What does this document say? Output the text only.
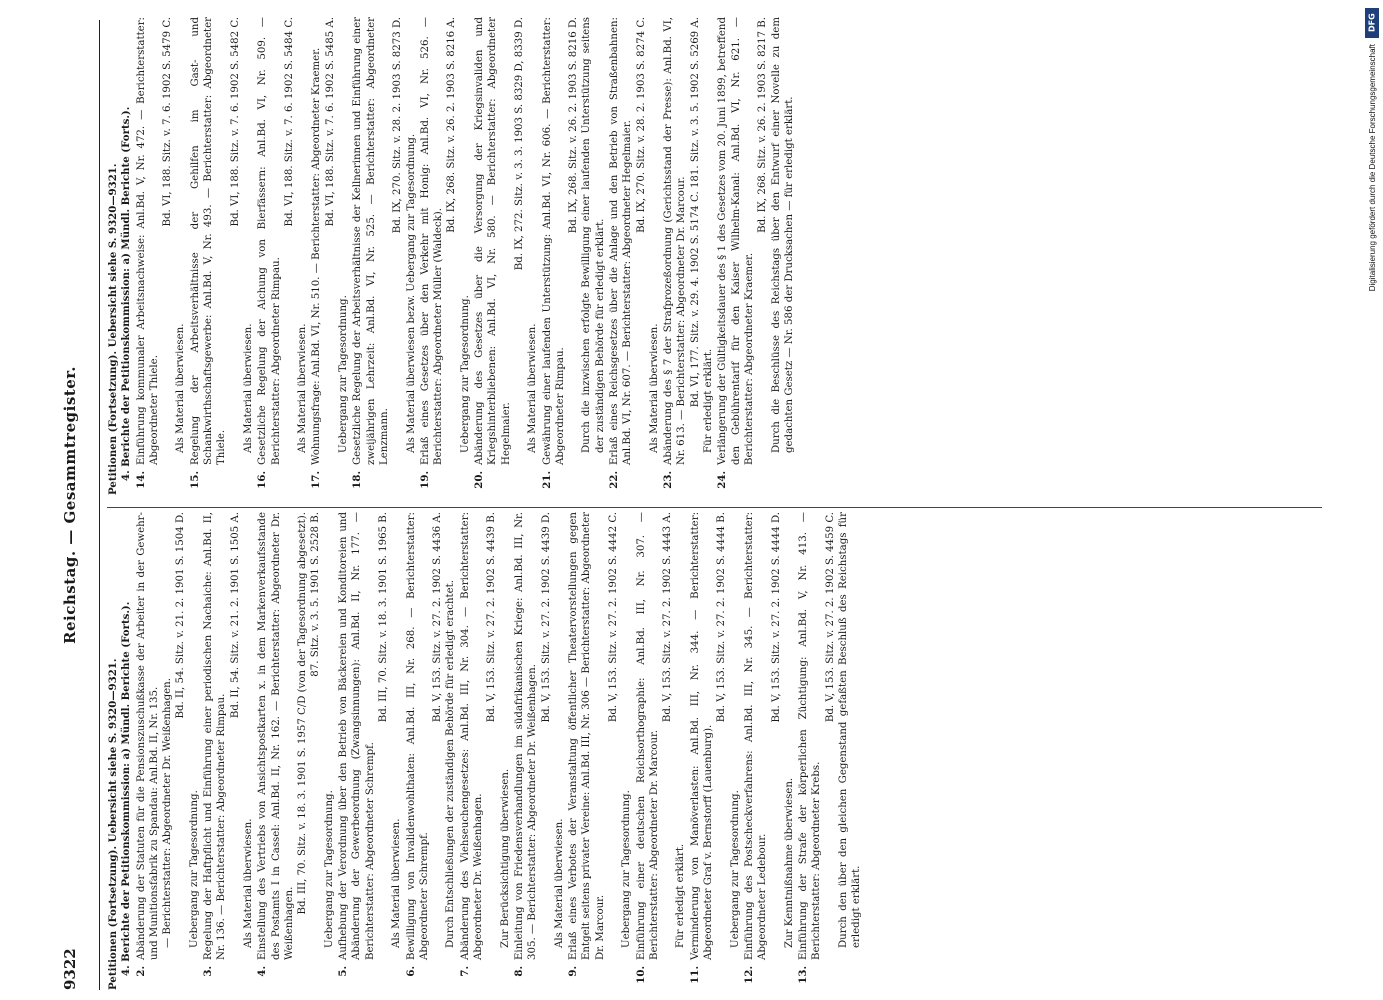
9322
Reichstag. — Gesammtregister.
Petitionen (Fortsetzung). Uebersicht siehe S. 9320—9321. 4. Berichte der Petitionskommission: a) Mündl. Berichte (Forts.). 2.
Abänderung der Statuten für die Pensionszuschußkasse der Arbeiter in der Gewehr- und Munitionsfabrik zu Spandau: Anl.Bd. II, Nr. 135. — Berichterstatter: Abgeordneter Dr. Weißenhagen.
Bd. II, 54. Sitz. v. 21. 2. 1901 S. 1504 D.
Uebergang zur Tagesordnung.
3.
Regelung der Haftpflicht und Einführung einer periodischen Nachaiche: Anl.Bd. II, Nr. 136. — Berichterstatter: Abgeordneter Rimpau.
Bd. II, 54. Sitz. v. 21. 2. 1901 S. 1505 A.
Als Material überwiesen.
4.
Einstellung des Vertriebs von Ansichtspostkarten x. in dem Markenverkaufsstande des Postamts I in Cassel: Anl.Bd. II, Nr. 162. — Berichterstatter: Abgeordneter Dr. Weißenhagen.
Bd. III, 70. Sitz. v. 18. 3. 1901 S. 1957 C/D (von der Tagesordnung abgesetzt). 87. Sitz. v. 3. 5. 1901 S. 2528 B.
Uebergang zur Tagesordnung.
5.
Aufhebung der Verordnung über den Betrieb von Bäckereien und Konditoreien und Abänderung der Gewerbeordnung (Zwangsinnungen): Anl.Bd. II, Nr. 177. — Berichterstatter: Abgeordneter Schrempf.
Bd. III, 70. Sitz. v. 18. 3. 1901 S. 1965 B.
Als Material überwiesen.
6.
Bewilligung von Invalidenwohlthaten: Anl.Bd. III, Nr. 268. — Berichterstatter: Abgeordneter Schrempf.
Bd. V, 153. Sitz. v. 27. 2. 1902 S. 4436 A. Durch Entschließungen der zuständigen Behörde für erledigt erachtet.
7.
Abänderung des Viehseuchengesetzes: Anl.Bd. III, Nr. 304. — Berichterstatter: Abgeordneter Dr. Weißenhagen.
Bd. V, 153. Sitz. v. 27. 2. 1902 S. 4439 B.
Zur Berücksichtigung überwiesen.
8.
Einleitung von Friedensverhandlungen im südafrikanischen Kriege: Anl.Bd. III, Nr. 305. — Berichterstatter: Abgeordneter Dr. Weißenhagen.
Bd. V, 153. Sitz. v. 27. 2. 1902 S. 4439 D.
Als Material überwiesen.
9.
Erlaß eines Verbotes der Veranstaltung öffentlicher Theatervorstellungen gegen Entgelt seitens privater Vereine: Anl.Bd. III, Nr. 306 — Berichterstatter: Abgeordneter Dr. Marcour.
Bd. V, 153. Sitz. v. 27. 2. 1902 S. 4442 C.
Uebergang zur Tagesordnung.
10.
Einführung einer deutschen Reichsorthographie: Anl.Bd. III, Nr. 307. — Berichterstatter: Abgeordneter Dr. Marcour.
Bd. V, 153. Sitz. v. 27. 2. 1902 S. 4443 A.
Für erledigt erklärt.
11.
Verminderung von Manöverlasten: Anl.Bd. III, Nr. 344. — Berichterstatter: Abgeordneter Graf v. Bernstorff (Lauenburg).
Bd. V, 153. Sitz. v. 27. 2. 1902 S. 4444 B.
Uebergang zur Tagesordnung.
12.
Einführung des Postscheckverfahrens: Anl.Bd. III, Nr. 345. — Berichterstatter: Abgeordneter Ledebour.
Bd. V, 153. Sitz. v. 27. 2. 1902 S. 4444 D.
Zur Kenntnißnahme überwiesen.
13.
Einführung der Strafe der körperlichen Züchtigung: Anl.Bd. V, Nr. 413. — Berichterstatter: Abgeordneter Krebs.
Bd. V, 153. Sitz. v. 27. 2. 1902 S. 4459 C. Durch den über den gleichen Gegenstand gefaßten Beschluß des Reichstags für erledigt erklärt.
Petitionen (Fortsetzung). Uebersicht siehe S. 9320—9321. 4. Berichte der Petitionskommission: a) Mündl. Berichte (Forts.). 14.
Einführung kommunaler Arbeitsnachweise: Anl.Bd. V, Nr. 472. — Berichterstatter: Abgeordneter Thiele.
Bd. VI, 188. Sitz. v. 7. 6. 1902 S. 5479 C.
Als Material überwiesen.
15.
Regelung der Arbeitsverhältnisse der Gehilfen im Gast- und Schankwirthschaftsgewerbe: Anl.Bd. V, Nr. 493. — Berichterstatter: Abgeordneter Thiele.
Bd. VI, 188. Sitz. v. 7. 6. 1902 S. 5482 C.
Als Material überwiesen.
16.
Gesetzliche Regelung der Aichung von Bierfässern: Anl.Bd. VI, Nr. 509. — Berichterstatter: Abgeordneter Rimpau.
Bd. VI, 188. Sitz. v. 7. 6. 1902 S. 5484 C.
Als Material überwiesen.
17.
Wohnungsfrage: Anl.Bd. VI, Nr. 510. — Berichterstatter: Abgeordneter Kraemer. Bd. VI, 188. Sitz. v. 7. 6. 1902 S. 5485 A.
Uebergang zur Tagesordnung.
18.
Gesetzliche Regelung der Arbeitsverhältnisse der Kellnerinnen und Einführung einer zweijährigen Lehrzeit: Anl.Bd. VI, Nr. 525. — Berichterstatter: Abgeordneter Lenzmann.
Bd. IX, 270. Sitz. v. 28. 2. 1903 S. 8273 D.
Als Material überwiesen bezw. Uebergang zur Tagesordnung.
19.
Erlaß eines Gesetzes über den Verkehr mit Honig: Anl.Bd. VI, Nr. 526. — Berichterstatter: Abgeordneter Müller (Waldeck).
Bd. IX, 268. Sitz. v. 26. 2. 1903 S. 8216 A.
Uebergang zur Tagesordnung.
20.
Abänderung des Gesetzes über die Versorgung der Kriegsinvaliden und Kriegshinterbliebenen: Anl.Bd. VI, Nr. 580. — Berichterstatter: Abgeordneter Hegelmaier.
Bd. IX, 272. Sitz. v. 3. 3. 1903 S. 8329 D, 8339 D.
Als Material überwiesen.
21.
Gewährung einer laufenden Unterstützung: Anl.Bd. VI, Nr. 606. — Berichterstatter: Abgeordneter Rimpau.
Bd. IX, 268. Sitz. v. 26. 2. 1903 S. 8216 D. Durch die inzwischen erfolgte Bewilligung einer laufenden Unterstützung seitens der zuständigen Behörde für erledigt erklärt.
22.
Erlaß eines Reichsgesetzes über die Anlage und den Betrieb von Straßenbahnen: Anl.Bd. VI, Nr. 607. — Berichterstatter: Abgeordneter Hegelmaier. Bd. IX, 270. Sitz. v. 28. 2. 1903 S. 8274 C.
Als Material überwiesen.
23.
Abänderung des § 7 der Strafprozeßordnung (Gerichtsstand der Presse): Anl.Bd. VI, Nr. 613. — Berichterstatter: Abgeordneter Dr. Marcour. Bd. VI, 177. Sitz. v. 29. 4. 1902 S. 5174 C. 181. Sitz. v. 3. 5. 1902 S. 5269 A. Für erledigt erklärt.
24.
Verlängerung der Gültigkeitsdauer des § 1 des Gesetzes vom 20. Juni 1899, betreffend den Gebührentarif für den Kaiser Wilhelm-Kanal: Anl.Bd. VI, Nr. 621. — Berichterstatter: Abgeordneter Kraemer.
Bd. IX, 268. Sitz. v. 26. 2. 1903 S. 8217 B. Durch die Beschlüsse des Reichstags über den Entwurf einer Novelle zu dem gedachten Gesetz — Nr. 586 der Drucksachen — für erledigt erklärt.
DFG
Digitalisierung gefördert durch die Deutsche Forschungsgemeinschaft
